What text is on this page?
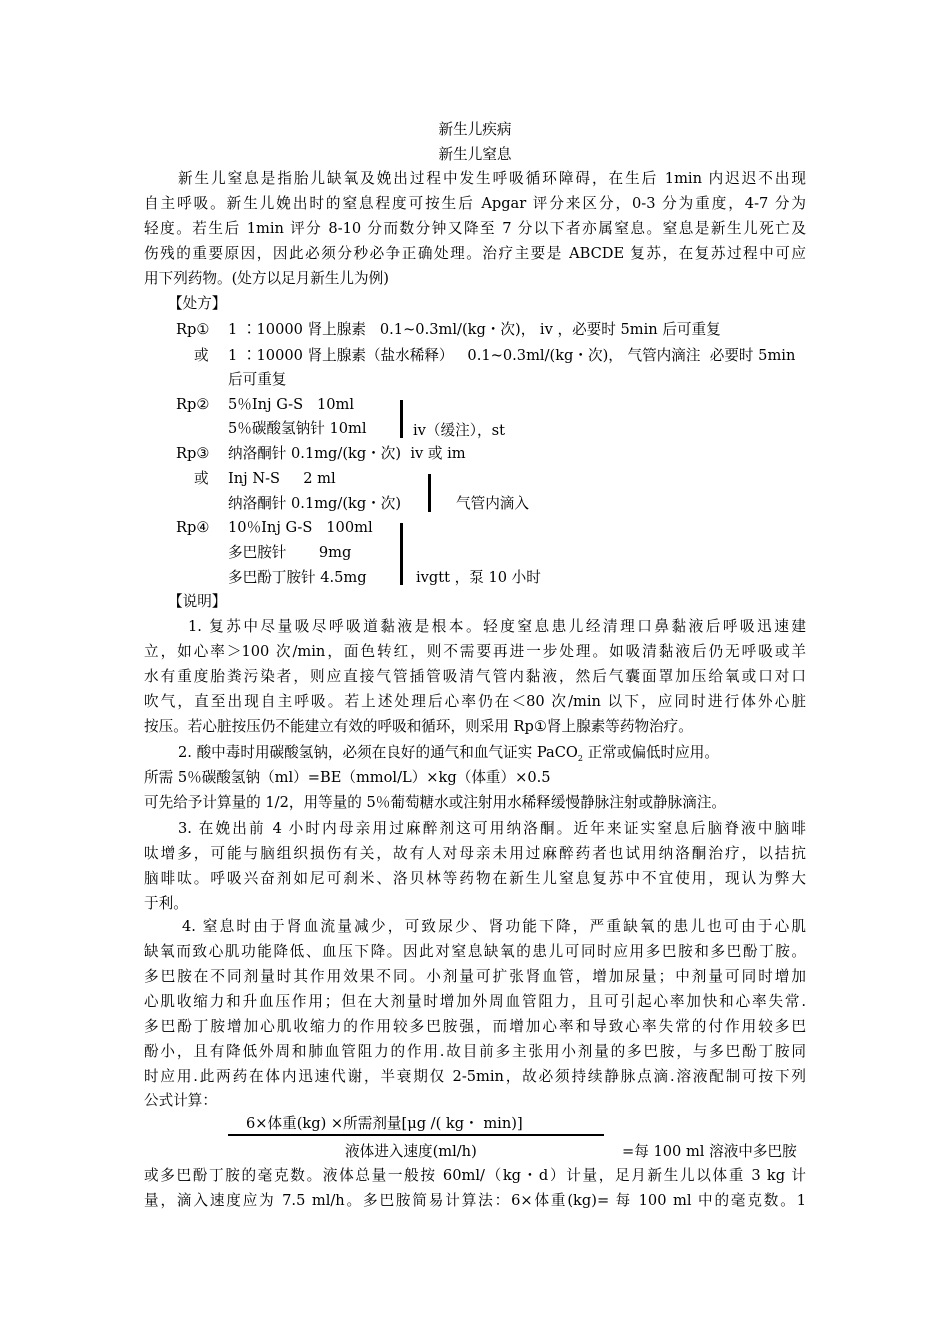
新生儿疾病
新生儿窒息
新生儿窒息是指胎儿缺氧及娩出过程中发生呼吸循环障碍，在生后 1min 内迟迟不出现
自主呼吸。新生儿娩出时的窒息程度可按生后 Apgar 评分来区分，0-3 分为重度，4-7 分为
轻度。若生后 1min 评分 8-10 分而数分钟又降至 7 分以下者亦属窒息。窒息是新生儿死亡及
伤残的重要原因，因此必须分秒必争正确处理。治疗主要是 ABCDE 复苏，在复苏过程中可应
用下列药物。(处方以足月新生儿为例)
【处方】
Rp① 1 ∶10000 肾上腺素   0.1~0.3ml/(kg・次)， iv ，必要时 5min 后可重复
或 1 ∶10000 肾上腺素（盐水稀释）   0.1~0.3ml/(kg・次)， 气管内滴注  必要时 5min
后可重复
Rp② 5％Inj G-S   10ml
5％碳酸氢钠针 10ml	iv（缓注），st
Rp③ 纳洛酮针 0.1mg/(kg・次)  iv 或 im
或 Inj N-S     2 ml
纳洛酮针 0.1mg/(kg・次)	气管内滴入
Rp④ 10％Inj G-S   100ml
多巴胺针       9mg
多巴酚丁胺针 4.5mg	ivgtt ，泵 10 小时
【说明】
1. 复苏中尽量吸尽呼吸道黏液是根本。轻度窒息患儿经清理口鼻黏液后呼吸迅速建
立，如心率＞100 次/min，面色转红，则不需要再进一步处理。如吸清黏液后仍无呼吸或羊
水有重度胎粪污染者，则应直接气管插管吸清气管内黏液，然后气囊面罩加压给氧或口对口
吹气，直至出现自主呼吸。若上述处理后心率仍在＜80 次/min 以下，应同时进行体外心脏
按压。若心脏按压仍不能建立有效的呼吸和循环，则采用 Rp①肾上腺素等药物治疗。
2. 酸中毒时用碳酸氢钠，必须在良好的通气和血气证实 PaCO$_2$ 正常或偏低时应用。
所需 5％碳酸氢钠（ml）=BE（mmol/L）×kg（体重）×0.5
可先给予计算量的 1/2，用等量的 5％葡萄糖水或注射用水稀释缓慢静脉注射或静脉滴注。
3. 在娩出前 4 小时内母亲用过麻醉剂这可用纳洛酮。近年来证实窒息后脑脊液中脑啡
呔增多，可能与脑组织损伤有关，故有人对母亲未用过麻醉药者也试用纳洛酮治疗，以拮抗
脑啡呔。呼吸兴奋剂如尼可刹米、洛贝林等药物在新生儿窒息复苏中不宜使用，现认为弊大
于利。
4. 窒息时由于肾血流量减少，可致尿少、肾功能下降，严重缺氧的患儿也可由于心肌
缺氧而致心肌功能降低、血压下降。因此对窒息缺氧的患儿可同时应用多巴胺和多巴酚丁胺。
多巴胺在不同剂量时其作用效果不同。小剂量可扩张肾血管，增加尿量；中剂量可同时增加
心肌收缩力和升血压作用；但在大剂量时增加外周血管阻力，且可引起心率加快和心率失常.
多巴酚丁胺增加心肌收缩力的作用较多巴胺强，而增加心率和导致心率失常的付作用较多巴
酚小，且有降低外周和肺血管阻力的作用.故目前多主张用小剂量的多巴胺，与多巴酚丁胺同
时应用.此两药在体内迅速代谢，半衰期仅 2-5min，故必须持续静脉点滴.溶液配制可按下列
公式计算：
6×体重(kg) ×所需剂量[μg /( kg・ min)]
液体进入速度(ml/h)	=每 100 ml 溶液中多巴胺
或多巴酚丁胺的毫克数。液体总量一般按 60ml/（kg・d）计量，足月新生儿以体重 3 kg 计
量，滴入速度应为 7.5 ml/h。多巴胺简易计算法：6×体重(kg)= 每 100 ml 中的毫克数。1
